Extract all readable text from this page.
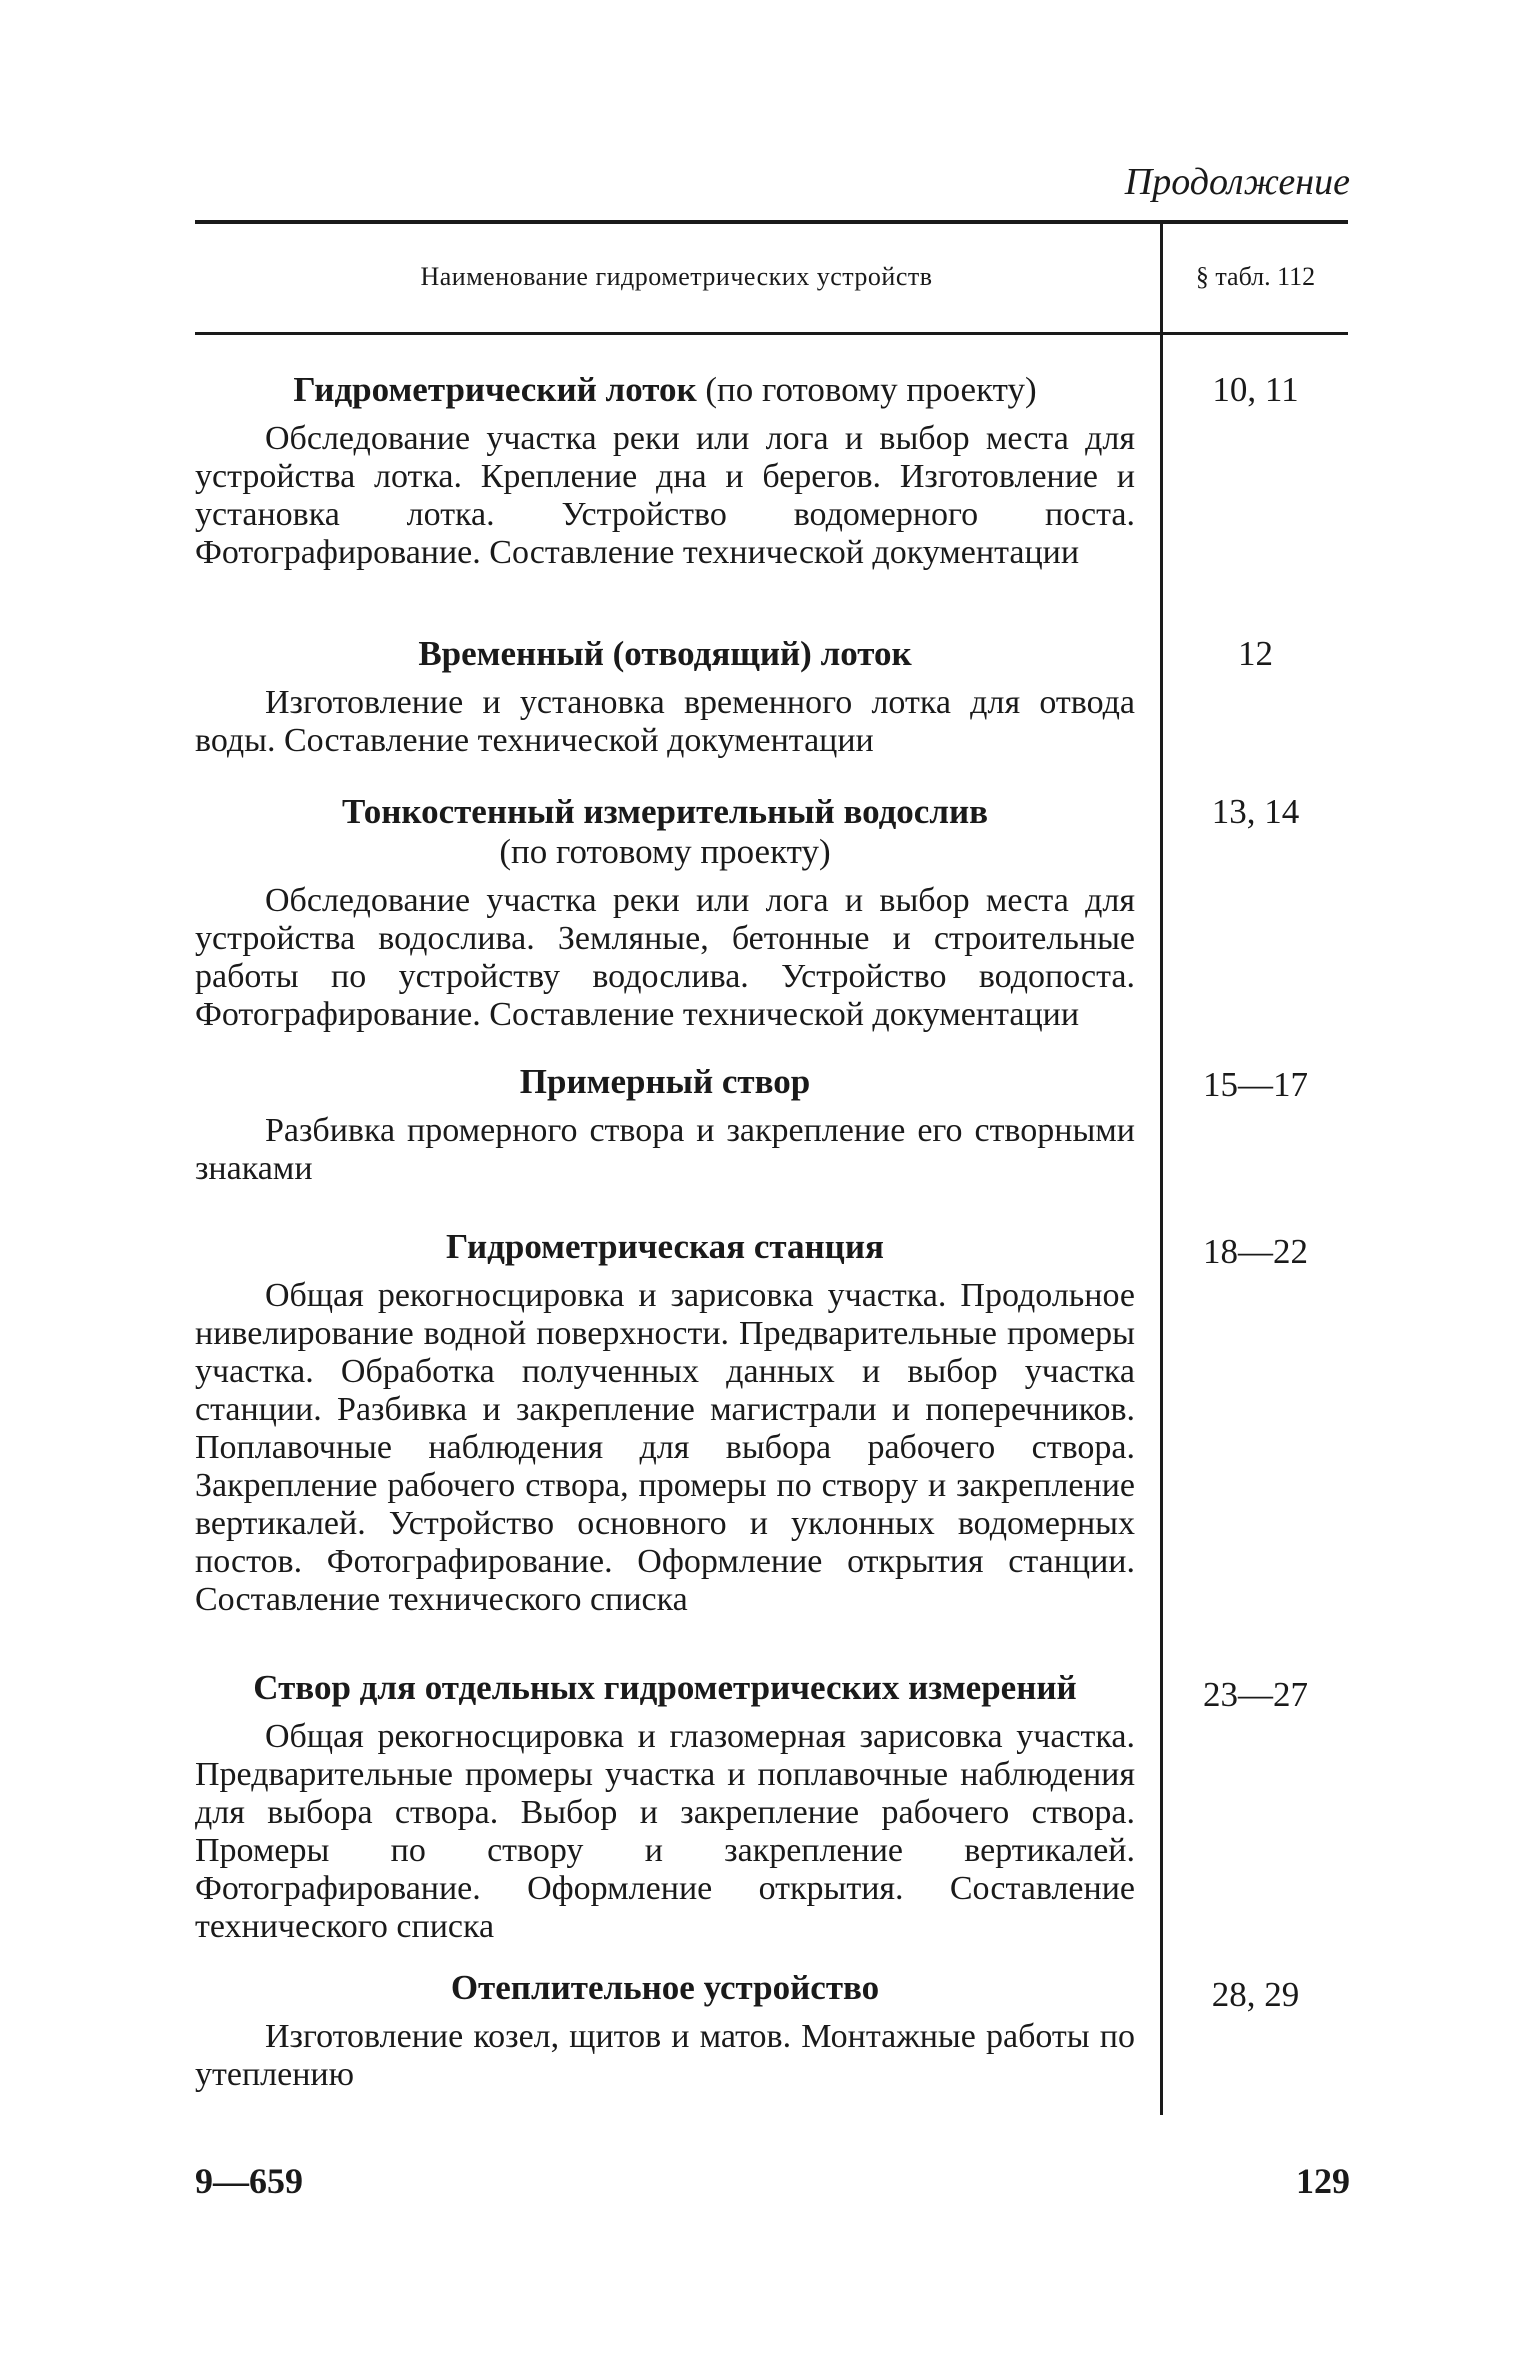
Продолжение
Наименование гидрометрических устройств	§ табл. 112

Гидрометрический лоток (по готовому проекту)

Обследование участка реки или лога и выбор места для устройства лотка. Крепление дна и берегов. Изготовление и установка лотка. Устройство водомерного поста. Фотографирование. Составление технической документации

10, 11

Временный (отводящий) лоток

Изготовление и установка временного лотка для отвода воды. Составление технической документации

12

Тонкостенный измерительный водослив

(по готовому проекту)

Обследование участка реки или лога и выбор места для устройства водослива. Земляные, бетонные и строительные работы по устройству водослива. Устройство водопоста. Фотографирование. Составление технической документации

13, 14

Примерный створ

Разбивка промерного створа и закрепление его створными знаками

15—17

Гидрометрическая станция

Общая рекогносцировка и зарисовка участка. Продольное нивелирование водной поверхности. Предварительные промеры участка. Обработка полученных данных и выбор участка станции. Разбивка и закрепление магистрали и поперечников. Поплавочные наблюдения для выбора рабочего створа. Закрепление рабочего створа, промеры по створу и закрепление вертикалей. Устройство основного и уклонных водомерных постов. Фотографирование. Оформление открытия станции. Составление технического списка

18—22

Створ для отдельных гидрометрических измерений

Общая рекогносцировка и глазомерная зарисовка участка. Предварительные промеры участка и поплавочные наблюдения для выбора створа. Выбор и закрепление рабочего створа. Промеры по створу и закрепление вертикалей. Фотографирование. Оформление открытия. Составление технического списка

23—27

Отеплительное устройство

Изготовление козел, щитов и матов. Монтажные работы по утеплению

28, 29
9—659	129
